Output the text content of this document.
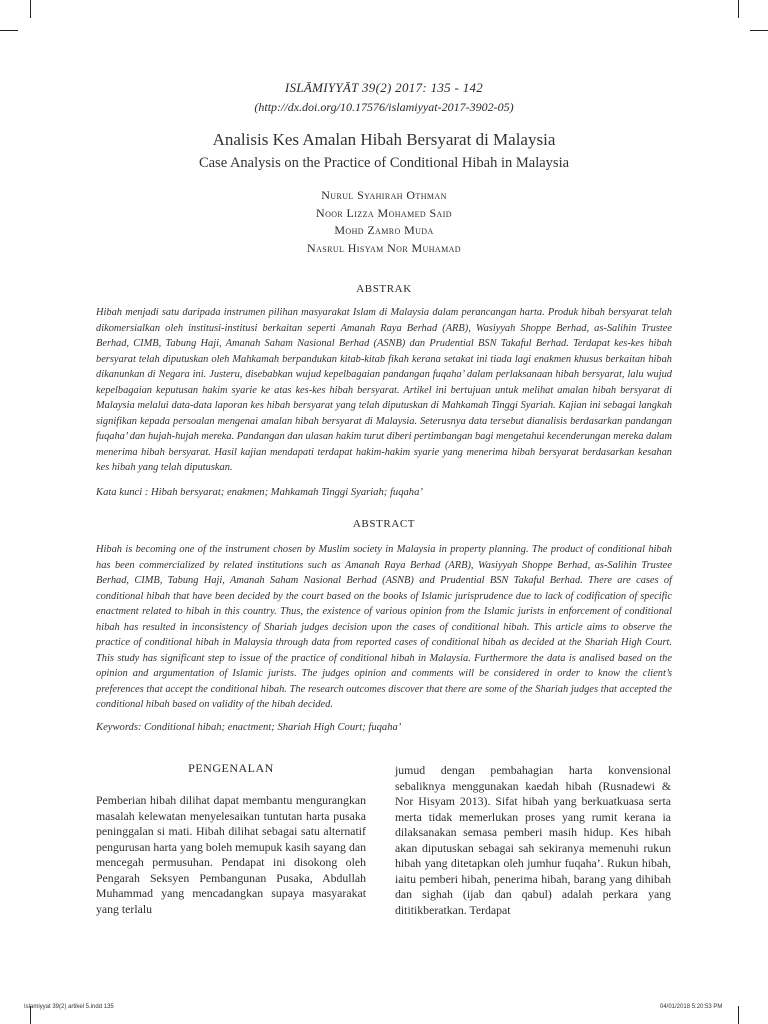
ISLĀMIYYĀT 39(2) 2017: 135 - 142
(http://dx.doi.org/10.17576/islamiyyat-2017-3902-05)
Analisis Kes Amalan Hibah Bersyarat di Malaysia
Case Analysis on the Practice of Conditional Hibah in Malaysia
Nurul Syahirah Othman
Noor Lizza Mohamed Said
Mohd Zamro Muda
Nasrul Hisyam Nor Muhamad
ABSTRAK
Hibah menjadi satu daripada instrumen pilihan masyarakat Islam di Malaysia dalam perancangan harta. Produk hibah bersyarat telah dikomersialkan oleh institusi-institusi berkaitan seperti Amanah Raya Berhad (ARB), Wasiyyah Shoppe Berhad, as-Salihin Trustee Berhad, CIMB, Tabung Haji, Amanah Saham Nasional Berhad (ASNB) dan Prudential BSN Takaful Berhad. Terdapat kes-kes hibah bersyarat telah diputuskan oleh Mahkamah berpandukan kitab-kitab fikah kerana setakat ini tiada lagi enakmen khusus berkaitan hibah dikanunkan di Negara ini. Justeru, disebabkan wujud kepelbagaian pandangan fuqaha’ dalam perlaksanaan hibah bersyarat, lalu wujud kepelbagaian keputusan hakim syarie ke atas kes-kes hibah bersyarat. Artikel ini bertujuan untuk melihat amalan hibah bersyarat di Malaysia melalui data-data laporan kes hibah bersyarat yang telah diputuskan di Mahkamah Tinggi Syariah. Kajian ini sebagai langkah signifikan kepada persoalan mengenai amalan hibah bersyarat di Malaysia. Seterusnya data tersebut dianalisis berdasarkan pandangan fuqaha’ dan hujah-hujah mereka. Pandangan dan ulasan hakim turut diberi pertimbangan bagi mengetahui kecenderungan mereka dalam menerima hibah bersyarat. Hasil kajian mendapati terdapat hakim-hakim syarie yang menerima hibah bersyarat berdasarkan kesahan kes hibah yang telah diputuskan.
Kata kunci : Hibah bersyarat; enakmen; Mahkamah Tinggi Syariah; fuqaha’
ABSTRACT
Hibah is becoming one of the instrument chosen by Muslim society in Malaysia in property planning. The product of conditional hibah has been commercialized by related institutions such as Amanah Raya Berhad (ARB), Wasiyyah Shoppe Berhad, as-Salihin Trustee Berhad, CIMB, Tabung Haji, Amanah Saham Nasional Berhad (ASNB) and Prudential BSN Takaful Berhad. There are cases of conditional hibah that have been decided by the court based on the books of Islamic jurisprudence due to lack of codification of specific enactment related to hibah in this country. Thus, the existence of various opinion from the Islamic jurists in enforcement of conditional hibah has resulted in inconsistency of Shariah judges decision upon the cases of conditional hibah. This article aims to observe the practice of conditional hibah in Malaysia through data from reported cases of conditional hibah as decided at the Shariah High Court. This study has significant step to issue of the practice of conditional hibah in Malaysia. Furthermore the data is analised based on the opinion and argumentation of Islamic jurists. The judges opinion and comments will be considered in order to know the client’s preferences that accept the conditional hibah. The research outcomes discover that there are some of the Shariah judges that accepted the conditional hibah based on validity of the hibah decided.
Keywords: Conditional hibah; enactment; Shariah High Court; fuqaha’
PENGENALAN
Pemberian hibah dilihat dapat membantu mengurangkan masalah kelewatan menyelesaikan tuntutan harta pusaka peninggalan si mati. Hibah dilihat sebagai satu alternatif pengurusan harta yang boleh memupuk kasih sayang dan mencegah permusuhan. Pendapat ini disokong oleh Pengarah Seksyen Pembangunan Pusaka, Abdullah Muhammad yang mencadangkan supaya masyarakat yang terlalu
jumud dengan pembahagian harta konvensional sebaliknya menggunakan kaedah hibah (Rusnadewi & Nor Hisyam 2013). Sifat hibah yang berkuatkuasa serta merta tidak memerlukan proses yang rumit kerana ia dilaksanakan semasa pemberi masih hidup. Kes hibah akan diputuskan sebagai sah sekiranya memenuhi rukun hibah yang ditetapkan oleh jumhur fuqaha’. Rukun hibah, iaitu pemberi hibah, penerima hibah, barang yang dihibah dan sighah (ijab dan qabul) adalah perkara yang dititikberatkan. Terdapat
Islamiyyat 39(2) artikel 5.indd 135	04/01/2018 5:20:53 PM
